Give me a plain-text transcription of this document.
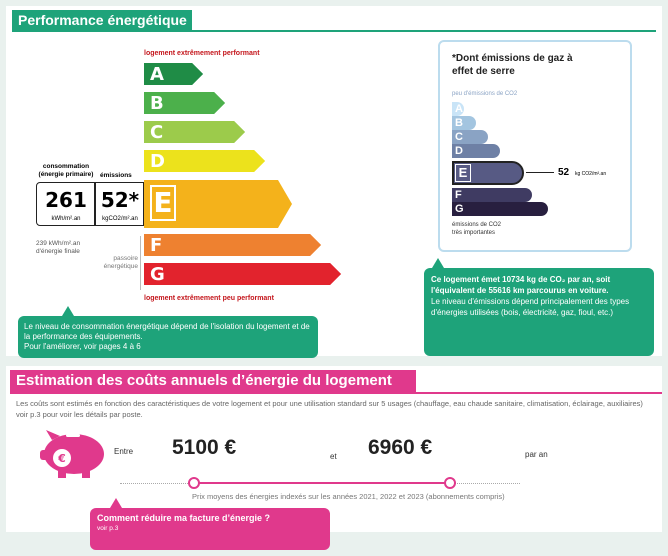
Performance énergétique
logement extrêmement performant
A
B
C
D
F
G
consommation
(énergie primaire)	émissions
261
kWh/m².an
52*
kgCO2/m².an E
239 kWh/m².an
d'énergie finale
passoire
énergétique
logement extrêmement peu performant
Le niveau de consommation énergétique dépend de l'isolation du logement et de la performance des équipements.
Pour l'améliorer, voir pages 4 à 6
*Dont émissions de gaz à effet de serre
peu d'émissions de CO2
A
B
C
D
F
G
E	52 kg CO2/m².an
émissions de CO2
très importantes
Ce logement émet 10734 kg de CO₂ par an, soit l'équivalent de 55616 km parcourus en voiture.
Le niveau d'émissions dépend principalement des types d'énergies utilisées (bois, électricité, gaz, fioul, etc.)
Estimation des coûts annuels d’énergie du logement
Les coûts sont estimés en fonction des caractéristiques de votre logement et pour une utilisation standard sur 5 usages (chauffage, eau chaude sanitaire, climatisation, éclairage, auxiliaires) voir p.3 pour voir les détails par poste.
€
Entre 5100 €	et 6960 €	par an
Prix moyens des énergies indexés sur les années 2021, 2022 et 2023 (abonnements compris)
Comment réduire ma facture d’énergie ?
voir p.3
